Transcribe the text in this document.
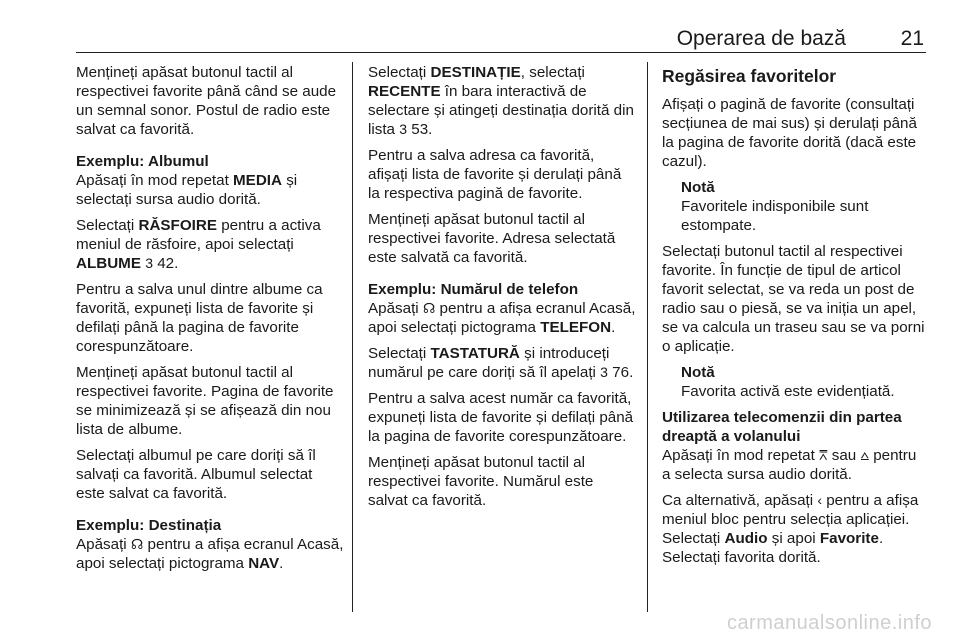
Operarea de bază	21

Mențineți apăsat butonul tactil al respectivei favorite până când se aude un semnal sonor. Postul de radio este salvat ca favorită.

Exemplu: Albumul

Apăsați în mod repetat MEDIA și selectați sursa audio dorită.

Selectați RĂSFOIRE pentru a activa meniul de răsfoire, apoi selectați ALBUME 3 42.

Pentru a salva unul dintre albume ca favorită, expuneți lista de favorite și defilați până la pagina de favorite corespunzătoare.

Mențineți apăsat butonul tactil al respectivei favorite. Pagina de favorite se minimizează și se afișează din nou lista de albume.

Selectați albumul pe care doriți să îl salvați ca favorită. Albumul selectat este salvat ca favorită.

Exemplu: Destinația

Apăsați ☊ pentru a afișa ecranul Acasă, apoi selectați pictograma NAV.

Selectați DESTINAȚIE, selectați RECENTE în bara interactivă de selectare și atingeți destinația dorită din lista 3 53.

Pentru a salva adresa ca favorită, afișați lista de favorite și derulați până la respectiva pagină de favorite.

Mențineți apăsat butonul tactil al respectivei favorite. Adresa selectată este salvată ca favorită.

Exemplu: Numărul de telefon

Apăsați ☊ pentru a afișa ecranul Acasă, apoi selectați pictograma TELEFON.

Selectați TASTATURĂ și introduceți numărul pe care doriți să îl apelați 3 76.

Pentru a salva acest număr ca favorită, expuneți lista de favorite și defilați până la pagina de favorite corespunzătoare.

Mențineți apăsat butonul tactil al respectivei favorite. Numărul este salvat ca favorită.

Regăsirea favoritelor

Afișați o pagină de favorite (consultați secțiunea de mai sus) și derulați până la pagina de favorite dorită (dacă este cazul).

Notă
Favoritele indisponibile sunt estompate.

Selectați butonul tactil al respectivei favorite. În funcție de tipul de articol favorit selectat, se va reda un post de radio sau o piesă, se va iniția un apel, se va calcula un traseu sau se va porni o aplicație.

Notă
Favorita activă este evidențiată.
Utilizarea telecomenzii din partea dreaptă a volanului

Apăsați în mod repetat ⩞ sau ⩟ pentru a selecta sursa audio dorită.

Ca alternativă, apăsați ‹ pentru a afișa meniul bloc pentru selecția aplicației. Selectați Audio și apoi Favorite. Selectați favorita dorită.

carmanualsonline.info
